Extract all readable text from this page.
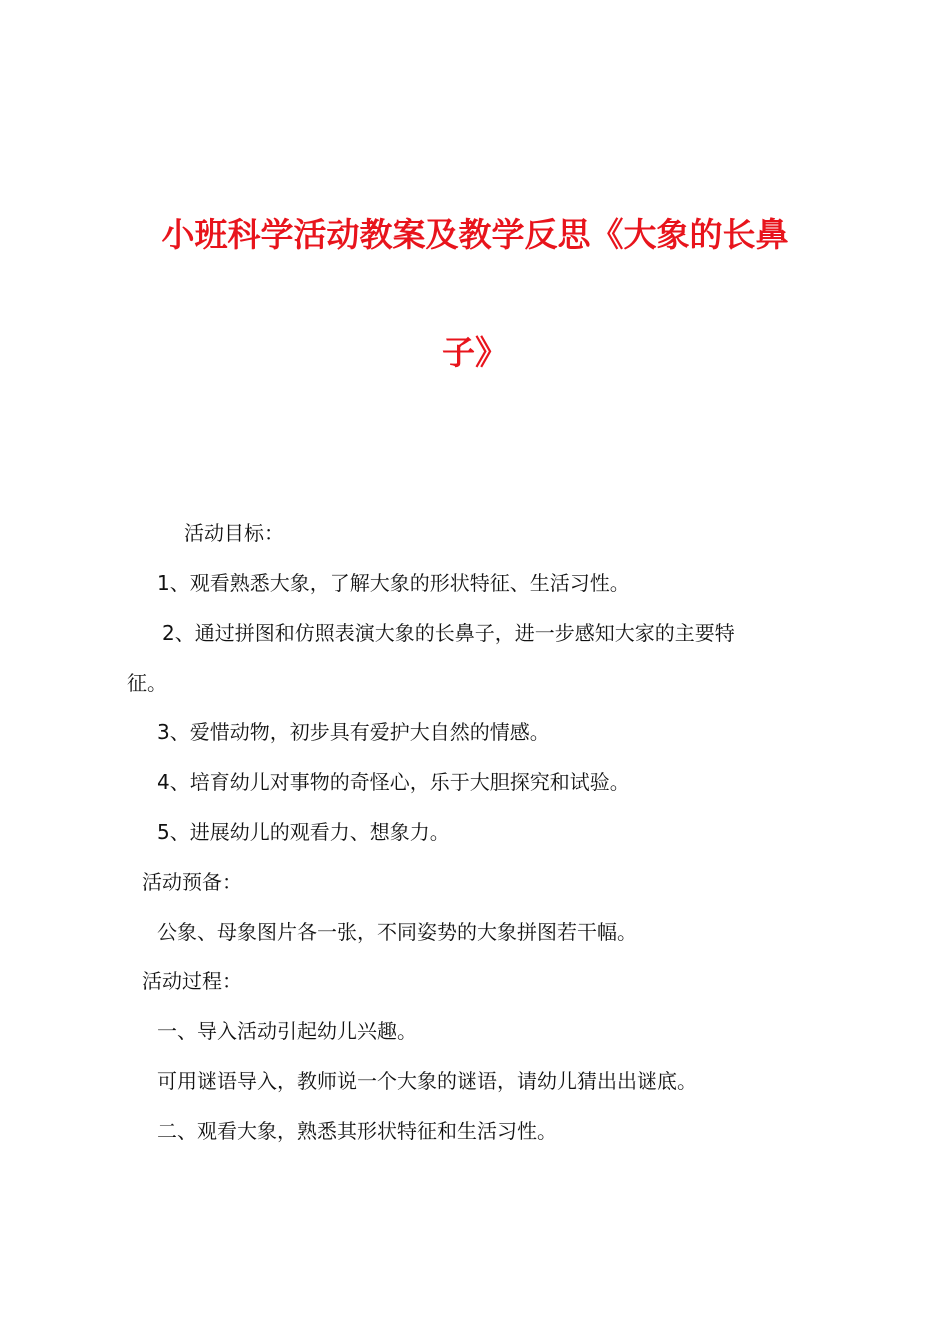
小班科学活动教案及教学反思《大象的长鼻
子》
活动目标：
1、观看熟悉大象，了解大象的形状特征、生活习性。
2、通过拼图和仿照表演大象的长鼻子，进一步感知大家的主要特
征。
3、爱惜动物，初步具有爱护大自然的情感。
4、培育幼儿对事物的奇怪心，乐于大胆探究和试验。
5、进展幼儿的观看力、想象力。
活动预备：
公象、母象图片各一张，不同姿势的大象拼图若干幅。
活动过程：
一、导入活动引起幼儿兴趣。
可用谜语导入，教师说一个大象的谜语，请幼儿猜出出谜底。
二、观看大象，熟悉其形状特征和生活习性。
